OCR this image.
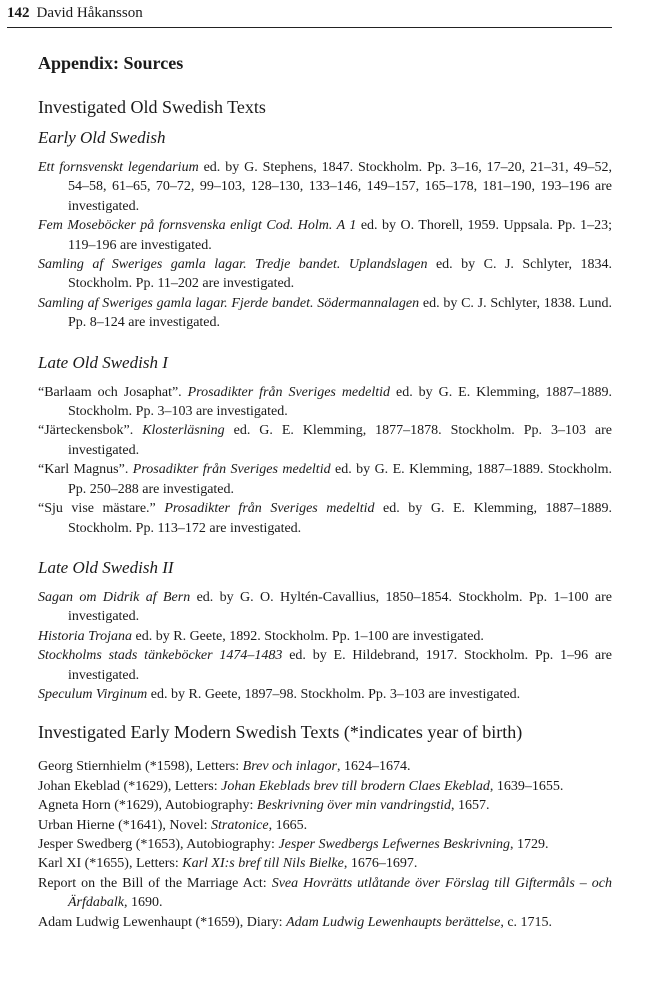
142 David Håkansson
Appendix: Sources
Investigated Old Swedish Texts
Early Old Swedish

Ett fornsvenskt legendarium ed. by G. Stephens, 1847. Stockholm. Pp. 3–16, 17–20, 21–31, 49–52, 54–58, 61–65, 70–72, 99–103, 128–130, 133–146, 149–157, 165–178, 181–190, 193–196 are investigated.

Fem Moseböcker på fornsvenska enligt Cod. Holm. A 1 ed. by O. Thorell, 1959. Uppsala. Pp. 1–23; 119–196 are investigated.

Samling af Sweriges gamla lagar. Tredje bandet. Uplandslagen ed. by C. J. Schlyter, 1834. Stockholm. Pp. 11–202 are investigated.

Samling af Sweriges gamla lagar. Fjerde bandet. Södermannalagen ed. by C. J. Schlyter, 1838. Lund. Pp. 8–124 are investigated.

Late Old Swedish I

“Barlaam och Josaphat”. Prosadikter från Sveriges medeltid ed. by G. E. Klemming, 1887–1889. Stockholm. Pp. 3–103 are investigated.

“Järteckensbok”. Klosterläsning ed. G. E. Klemming, 1877–1878. Stockholm. Pp. 3–103 are investigated.

“Karl Magnus”. Prosadikter från Sveriges medeltid ed. by G. E. Klemming, 1887–1889. Stockholm. Pp. 250–288 are investigated.

“Sju vise mästare.” Prosadikter från Sveriges medeltid ed. by G. E. Klemming, 1887–1889. Stockholm. Pp. 113–172 are investigated.

Late Old Swedish II

Sagan om Didrik af Bern ed. by G. O. Hyltén-Cavallius, 1850–1854. Stockholm. Pp. 1–100 are investigated.

Historia Trojana ed. by R. Geete, 1892. Stockholm. Pp. 1–100 are investigated.

Stockholms stads tänkeböcker 1474–1483 ed. by E. Hildebrand, 1917. Stockholm. Pp. 1–96 are investigated.

Speculum Virginum ed. by R. Geete, 1897–98. Stockholm. Pp. 3–103 are investigated.

Investigated Early Modern Swedish Texts (*indicates year of birth)

Georg Stiernhielm (*1598), Letters: Brev och inlagor, 1624–1674.

Johan Ekeblad (*1629), Letters: Johan Ekeblads brev till brodern Claes Ekeblad, 1639–1655.

Agneta Horn (*1629), Autobiography: Beskrivning över min vandringstid, 1657.

Urban Hierne (*1641), Novel: Stratonice, 1665.

Jesper Swedberg (*1653), Autobiography: Jesper Swedbergs Lefwernes Beskrivning, 1729.

Karl XI (*1655), Letters: Karl XI:s bref till Nils Bielke, 1676–1697.

Report on the Bill of the Marriage Act: Svea Hovrätts utlåtande över Förslag till Giftermåls – och Ärfdabalk, 1690.

Adam Ludwig Lewenhaupt (*1659), Diary: Adam Ludwig Lewenhaupts berättelse, c. 1715.
